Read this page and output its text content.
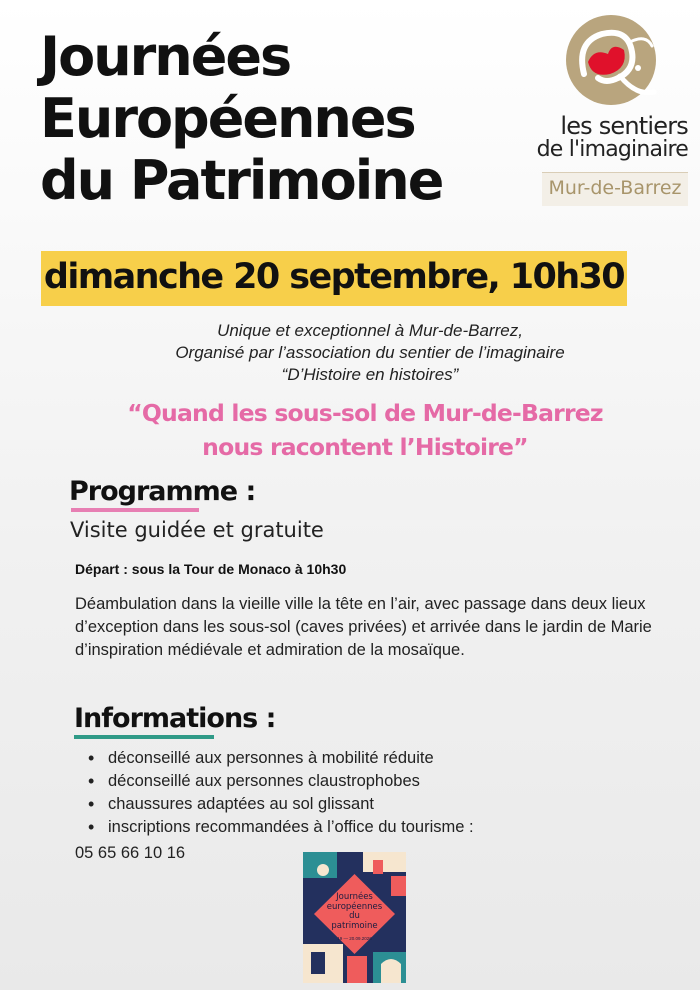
Journées
Européennes
du Patrimoine
les sentiers
de l'imaginaire
Mur-de-Barrez
dimanche 20 septembre, 10h30
Unique et exceptionnel à Mur-de-Barrez,
Organisé par l’association du sentier de l’imaginaire
“D’Histoire en histoires”
“Quand les sous-sol de Mur-de-Barrez
nous racontent l’Histoire”
Programme :
Visite guidée et gratuite
Départ : sous la Tour de Monaco à 10h30
Déambulation dans la vieille ville la tête en l’air, avec passage dans deux lieux d’exception dans les sous-sol (caves privées) et arrivée dans le jardin de Marie d’inspiration médiévale et admiration de la mosaïque.
Informations :
• déconseillé aux personnes à mobilité réduite
• déconseillé aux personnes claustrophobes
• chaussures adaptées au sol glissant
• inscriptions recommandées à l’office du tourisme :
05 65 66 10 16
Journées
européennes
du
patrimoine
19 — 20.09.2026
